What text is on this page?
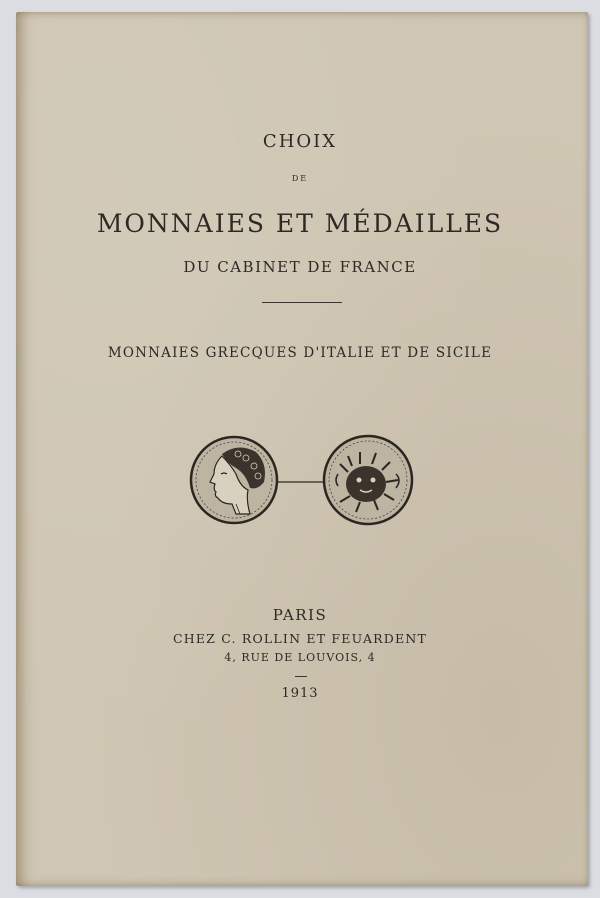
CHOIX
DE
MONNAIES ET MÉDAILLES
DU CABINET DE FRANCE
MONNAIES GRECQUES D'ITALIE ET DE SICILE
PARIS
CHEZ C. ROLLIN ET FEUARDENT
4, RUE DE LOUVOIS, 4
1913
